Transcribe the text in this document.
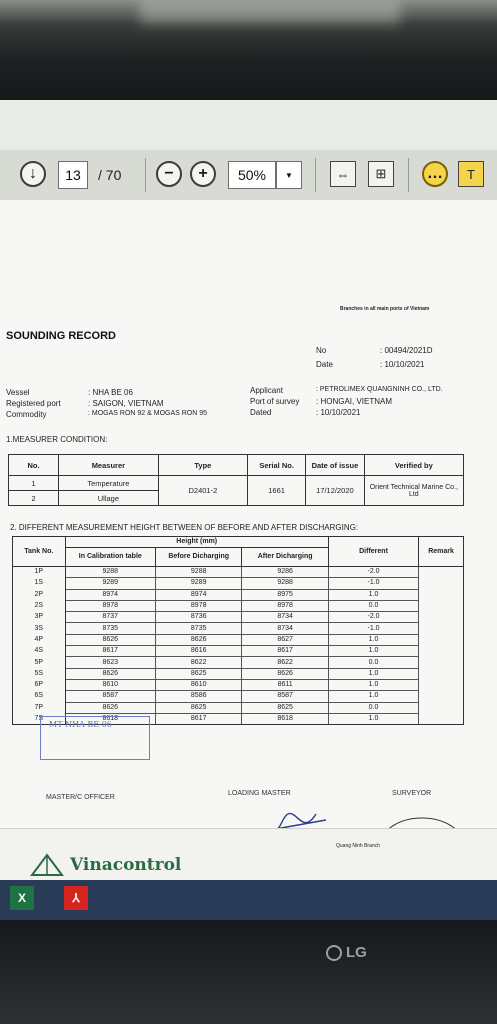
↓	13	/ 70	− +	50%	▼	⇔ ⊞	… T
Branches in all main ports of Vietnam
SOUNDING RECORD
No	: 00494/2021D
Date	: 10/10/2021
Vessel	: NHA BE 06
Registered port	: SAIGON, VIETNAM
Commodity	: MOGAS RON 92 & MOGAS RON 95
Applicant	: PETROLIMEX QUANGNINH CO., LTD.
Port of survey : HONGAI, VIETNAM
Dated	: 10/10/2021
1.MEASURER CONDITION:
No.	Measurer	Type	Serial No.	Date of issue	Verified by
1	Temperature	D2401-2	1661	17/12/2020	Orient Technical Marine Co., Ltd
2	Ullage				
2. DIFFERENT MEASUREMENT HEIGHT BETWEEN OF BEFORE AND AFTER DISCHARGING:
Tank No.	Height (mm)			Different	Remark
	In Calibration table	Before Dicharging	After Dicharging		
1P	9288	9288	9286	-2.0	
1S	9289	9289	9288	-1.0	
2P	8974	8974	8975	1.0	
2S	8978	8978	8978	0.0	
3P	8737	8736	8734	-2.0	
3S	8735	8735	8734	-1.0	
4P	8626	8626	8627	1.0	
4S	8617	8616	8617	1.0	
5P	8623	8622	8622	0.0	
5S	8626	8625	8626	1.0	
6P	8610	8610	8611	1.0	
6S	8587	8586	8587	1.0	
7P	8626	8625	8625	0.0	
7S	8618	8617	8618	1.0	
MASTER/C OFFICER
LOADING MASTER	SURVEYOR
MT NHA BE 06
Vinacontrol
Quang Ninh Branch
X	⅄
LG
